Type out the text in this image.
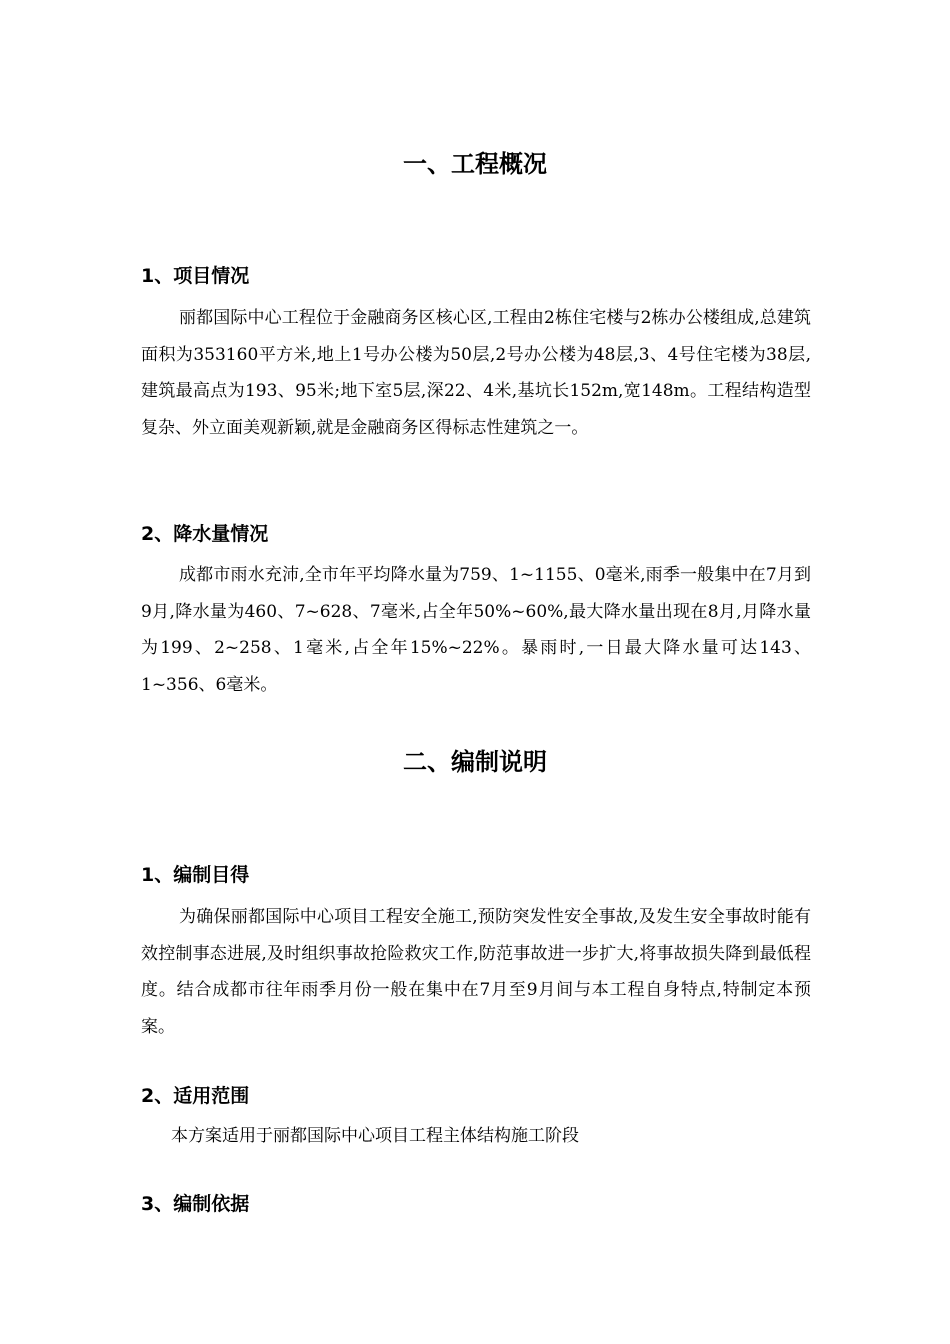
一、工程概况
1、项目情况

丽都国际中心工程位于金融商务区核心区,工程由2栋住宅楼与2栋办公楼组成,总建筑面积为353160平方米,地上1号办公楼为50层,2号办公楼为48层,3、4号住宅楼为38层,建筑最高点为193、95米;地下室5层,深22、4米,基坑长152m,宽148m。工程结构造型复杂、外立面美观新颖,就是金融商务区得标志性建筑之一。

2、降水量情况

成都市雨水充沛,全市年平均降水量为759、1~1155、0毫米,雨季一般集中在7月到9月,降水量为460、7~628、7毫米,占全年50%~60%,最大降水量出现在8月,月降水量为199、2~258、1毫米,占全年15%~22%。暴雨时,一日最大降水量可达143、1~356、6毫米。

二、编制说明
1、编制目得

为确保丽都国际中心项目工程安全施工,预防突发性安全事故,及发生安全事故时能有效控制事态进展,及时组织事故抢险救灾工作,防范事故进一步扩大,将事故损失降到最低程度。结合成都市往年雨季月份一般在集中在7月至9月间与本工程自身特点,特制定本预案。

2、适用范围

本方案适用于丽都国际中心项目工程主体结构施工阶段

3、编制依据
